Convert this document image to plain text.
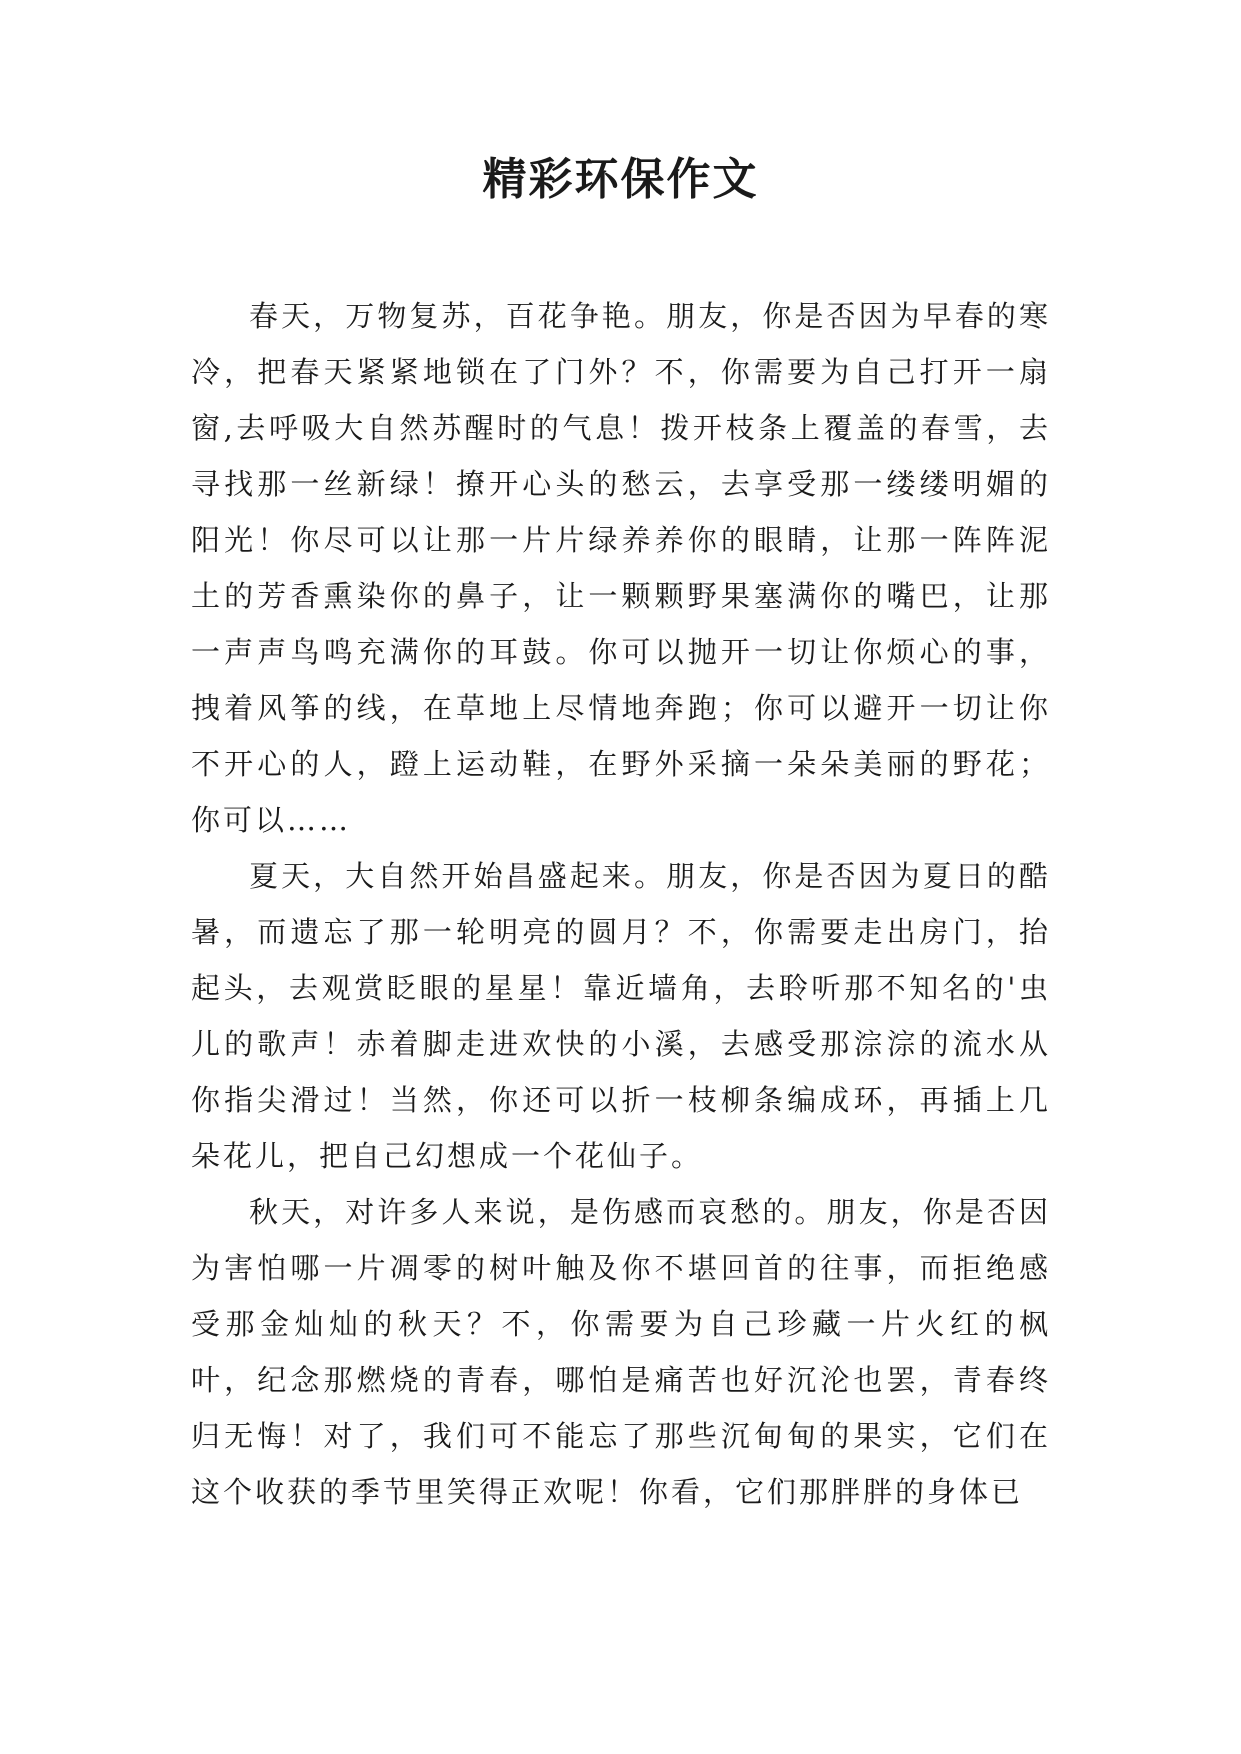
精彩环保作文

春天，万物复苏，百花争艳。朋友，你是否因为早春的寒冷，把春天紧紧地锁在了门外？不，你需要为自己打开一扇窗,去呼吸大自然苏醒时的气息！拨开枝条上覆盖的春雪，去寻找那一丝新绿！撩开心头的愁云，去享受那一缕缕明媚的阳光！你尽可以让那一片片绿养养你的眼睛，让那一阵阵泥土的芳香熏染你的鼻子，让一颗颗野果塞满你的嘴巴，让那一声声鸟鸣充满你的耳鼓。你可以抛开一切让你烦心的事，拽着风筝的线，在草地上尽情地奔跑；你可以避开一切让你不开心的人，蹬上运动鞋，在野外采摘一朵朵美丽的野花；你可以……

夏天，大自然开始昌盛起来。朋友，你是否因为夏日的酷暑，而遗忘了那一轮明亮的圆月？不，你需要走出房门，抬起头，去观赏眨眼的星星！靠近墙角，去聆听那不知名的'虫儿的歌声！赤着脚走进欢快的小溪，去感受那淙淙的流水从你指尖滑过！当然，你还可以折一枝柳条编成环，再插上几朵花儿，把自己幻想成一个花仙子。

秋天，对许多人来说，是伤感而哀愁的。朋友，你是否因为害怕哪一片凋零的树叶触及你不堪回首的往事，而拒绝感受那金灿灿的秋天？不，你需要为自己珍藏一片火红的枫叶，纪念那燃烧的青春，哪怕是痛苦也好沉沦也罢，青春终归无悔！对了，我们可不能忘了那些沉甸甸的果实，它们在这个收获的季节里笑得正欢呢！你看，它们那胖胖的身体已
